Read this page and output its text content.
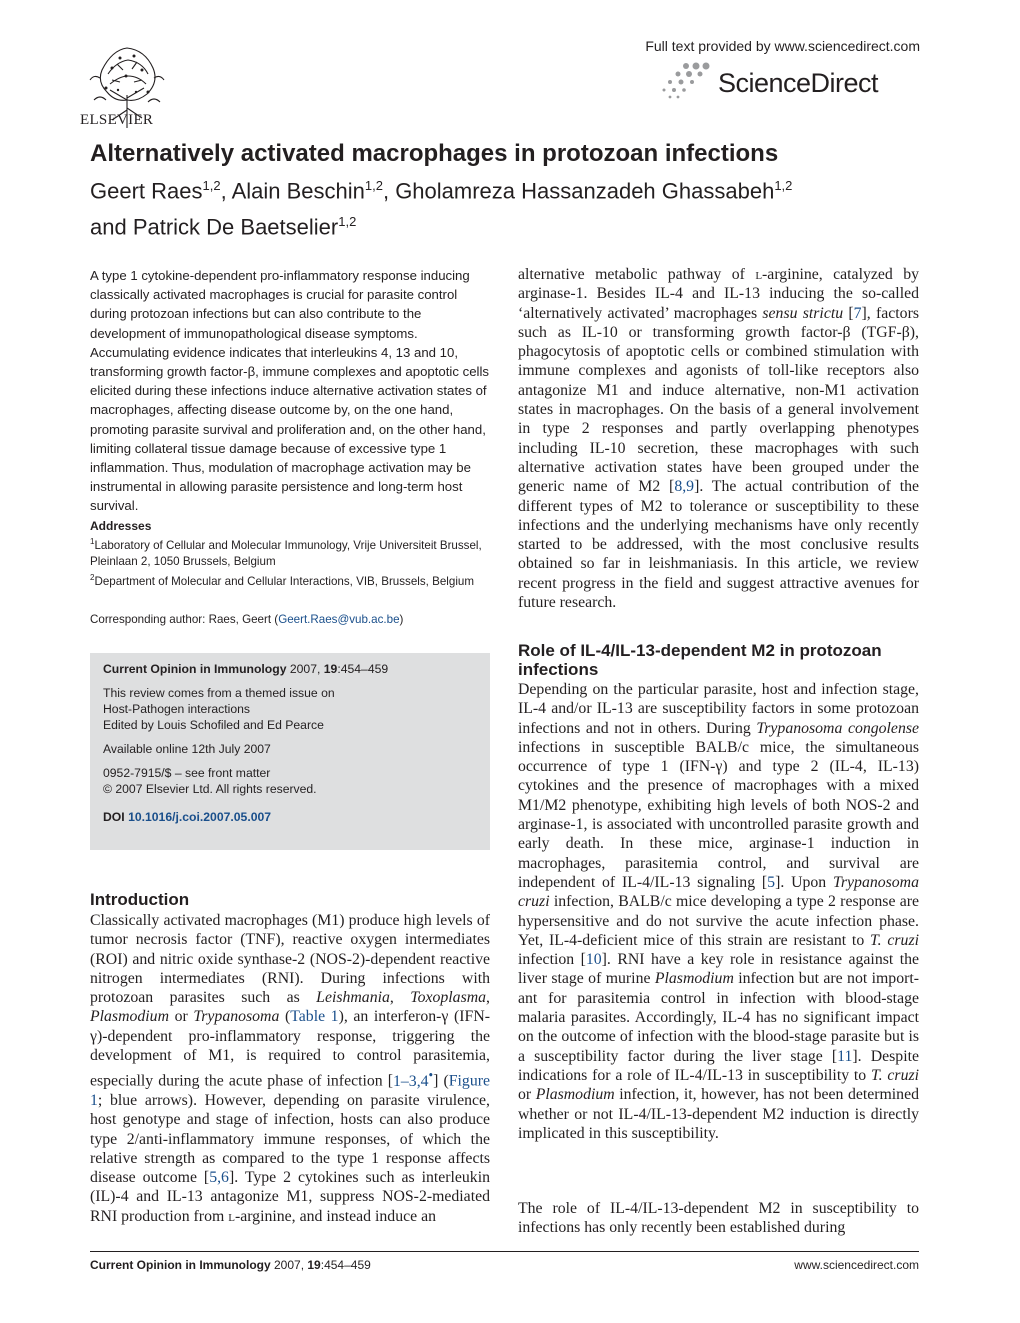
ELSEVIER
Full text provided by www.sciencedirect.com
ScienceDirect
Alternatively activated macrophages in protozoan infections
Geert Raes$^{1,2}$, Alain Beschin$^{1,2}$, Gholamreza Hassanzadeh Ghassabeh$^{1,2}$
and Patrick De Baetselier$^{1,2}$

A type 1 cytokine-dependent pro-inflammatory response inducing classically activated macrophages is crucial for parasite control during protozoan infections but can also contribute to the development of immunopathological disease symptoms. Accumulating evidence indicates that interleukins 4, 13 and 10, transforming growth factor-β, immune complexes and apoptotic cells elicited during these infections induce alternative activation states of macrophages, affecting disease outcome by, on the one hand, promoting parasite survival and proliferation and, on the other hand, limiting collateral tissue damage because of excessive type 1 inflammation. Thus, modulation of macrophage activation may be instrumental in allowing parasite persistence and long-term host survival.

Addresses

$^1$Laboratory of Cellular and Molecular Immunology, Vrije Universiteit Brussel, Pleinlaan 2, 1050 Brussels, Belgium

$^2$Department of Molecular and Cellular Interactions, VIB, Brussels, Belgium

Corresponding author: Raes, Geert (Geert.Raes@vub.ac.be)

Current Opinion in Immunology 2007, 19:454–459

This review comes from a themed issue on
Host-Pathogen interactions
Edited by Louis Schofiled and Ed Pearce

Available online 12th July 2007

0952-7915/$ – see front matter
© 2007 Elsevier Ltd. All rights reserved.

DOI 10.1016/j.coi.2007.05.007

Introduction

Classically activated macrophages (M1) produce high levels of tumor necrosis factor (TNF), reactive oxygen intermediates (ROI) and nitric oxide synthase-2 (NOS-2)-dependent reactive nitrogen intermediates (RNI). During infections with protozoan parasites such as Leishmania, Toxoplasma, Plasmodium or Trypanosoma (Table 1), an interferon-γ (IFN-γ)-dependent pro-inflammatory response, triggering the development of M1, is required to control parasitemia, especially during the acute phase of infection [1–3,4•] (Figure 1; blue arrows). However, depending on parasite virulence, host genotype and stage of infection, hosts can also produce type 2/anti-inflammatory immune responses, of which the relative strength as compared to the type 1 response affects disease outcome [5,6]. Type 2 cytokines such as interleukin (IL)-4 and IL-13 antagonize M1, suppress NOS-2-mediated RNI production from l-arginine, and instead induce an

alternative metabolic pathway of l-arginine, catalyzed by arginase-1. Besides IL-4 and IL-13 inducing the so-called ‘alternatively activated’ macrophages sensu strictu [7], factors such as IL-10 or transforming growth factor-β (TGF-β), phagocytosis of apoptotic cells or combined stimulation with immune complexes and agonists of toll-like receptors also antagonize M1 and induce alternative, non-M1 activation states in macrophages. On the basis of a general involvement in type 2 responses and partly overlapping phenotypes including IL-10 secretion, these macrophages with such alternative activation states have been grouped under the generic name of M2 [8,9]. The actual contribution of the different types of M2 to tolerance or susceptibility to these infections and the underlying mechanisms have only recently started to be addressed, with the most conclusive results obtained so far in leishmaniasis. In this article, we review recent progress in the field and suggest attractive avenues for future research.

Role of IL-4/IL-13-dependent M2 in protozoan infections

Depending on the particular parasite, host and infection stage, IL-4 and/or IL-13 are susceptibility factors in some protozoan infections and not in others. During Trypanosoma congolense infections in susceptible BALB/c mice, the simultaneous occurrence of type 1 (IFN-γ) and type 2 (IL-4, IL-13) cytokines and the presence of macrophages with a mixed M1/M2 phenotype, exhibiting high levels of both NOS-2 and arginase-1, is associated with uncontrolled parasite growth and early death. In these mice, arginase-1 induction in macrophages, parasitemia control, and survival are independent of IL-4/IL-13 signaling [5]. Upon Trypanosoma cruzi infection, BALB/c mice developing a type 2 response are hypersensitive and do not survive the acute infection phase. Yet, IL-4-deficient mice of this strain are resistant to T. cruzi infection [10]. RNI have a key role in resistance against the liver stage of murine Plasmodium infection but are not important for parasitemia control in infection with blood-stage malaria parasites. Accordingly, IL-4 has no significant impact on the outcome of infection with the blood-stage parasite but is a susceptibility factor during the liver stage [11]. Despite indications for a role of IL-4/IL-13 in susceptibility to T. cruzi or Plasmodium infection, it, however, has not been determined whether or not IL-4/IL-13-dependent M2 induction is directly implicated in this susceptibility.

The role of IL-4/IL-13-dependent M2 in susceptibility to infections has only recently been established during

Current Opinion in Immunology 2007, 19:454–459	www.sciencedirect.com
